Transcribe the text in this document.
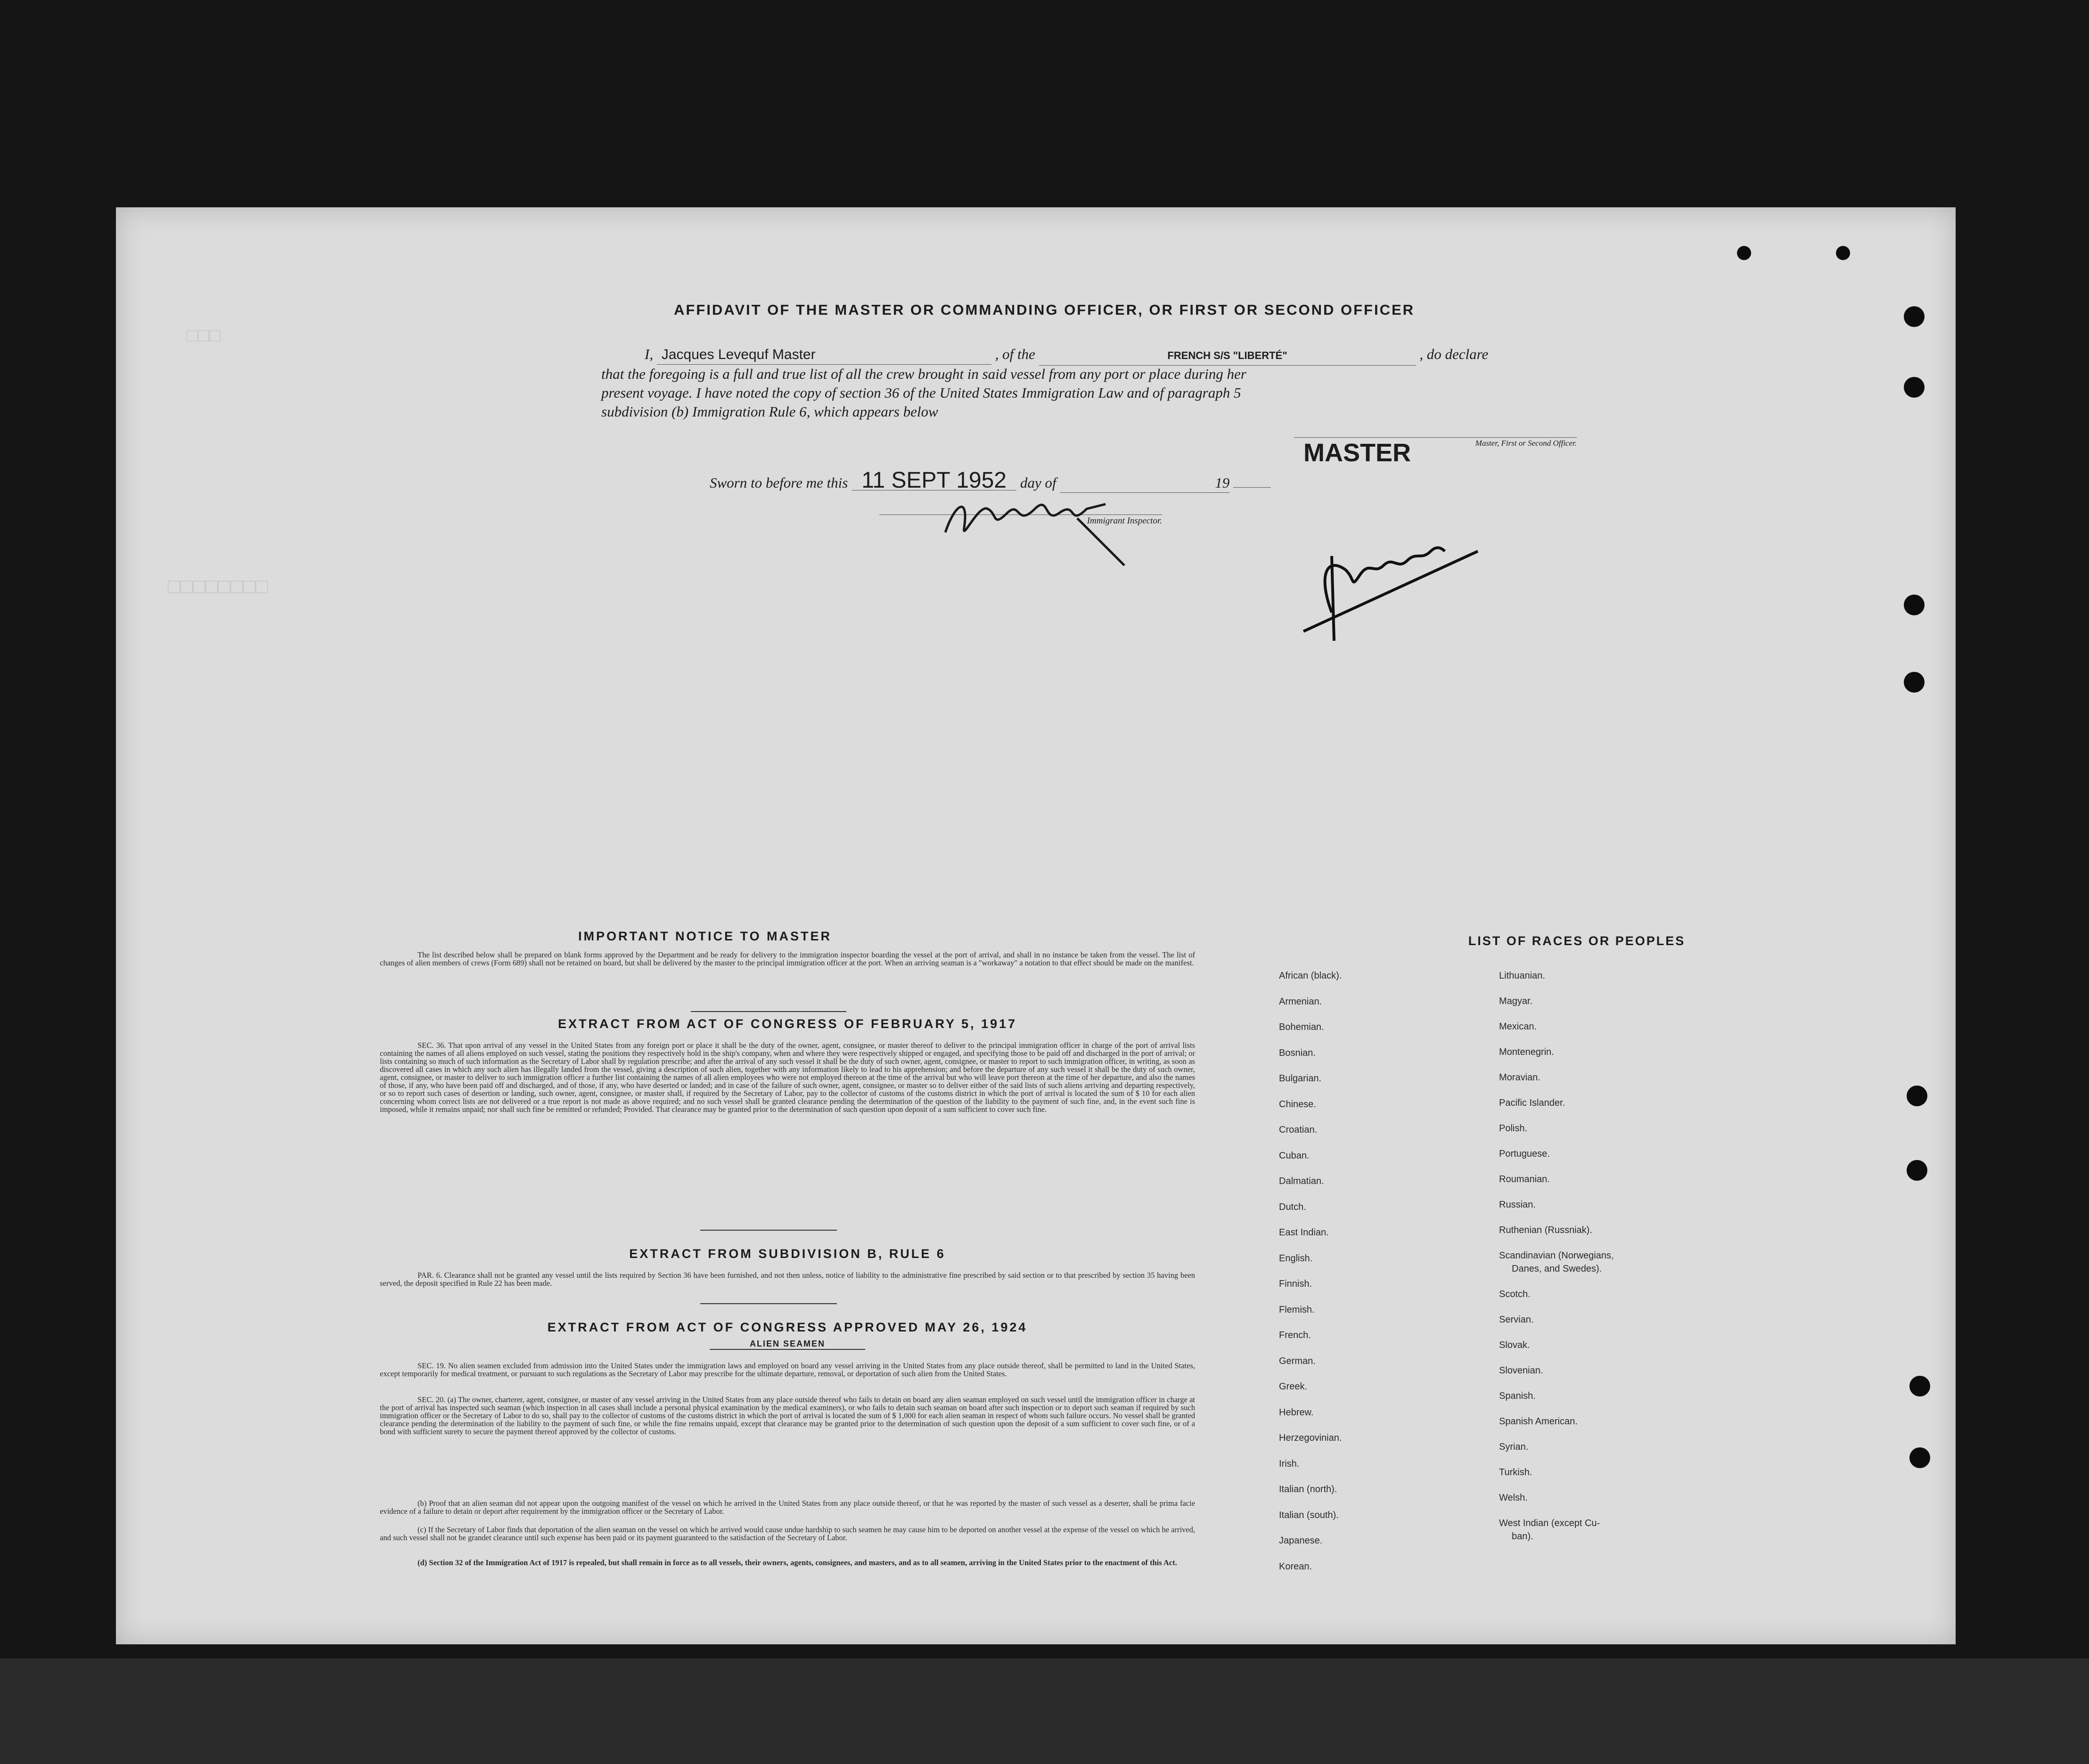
□□□
□□□□□□□□
AFFIDAVIT OF THE MASTER OR COMMANDING OFFICER, OR FIRST OR SECOND OFFICER
I, Jacques Levequf Master	, of the	FRENCH S/S "LIBERTÉ"	, do declare
that the foregoing is a full and true list of all the crew brought in said vessel from any port or place during her
present voyage. I have noted the copy of section 36 of the United States Immigration Law and of paragraph 5
subdivision (b) Immigration Rule 6, which appears below
Master, First or Second Officer.
MASTER
Sworn to before me this 11 SEPT 1952 day of	19
Immigrant Inspector.
IMPORTANT NOTICE TO MASTER
The list described below shall be prepared on blank forms approved by the Department and be ready for delivery to the immigration inspector boarding the vessel at the port of arrival, and shall in no instance be taken from the vessel. The list of changes of alien members of crews (Form 689) shall not be retained on board, but shall be delivered by the master to the principal immigration officer at the port. When an arriving seaman is a "workaway" a notation to that effect should be made on the manifest.
EXTRACT FROM ACT OF CONGRESS OF FEBRUARY 5, 1917
SEC. 36. That upon arrival of any vessel in the United States from any foreign port or place it shall be the duty of the owner, agent, consignee, or master thereof to deliver to the principal immigration officer in charge of the port of arrival lists containing the names of all aliens employed on such vessel, stating the positions they respectively hold in the ship's company, when and where they were respectively shipped or engaged, and specifying those to be paid off and discharged in the port of arrival; or lists containing so much of such information as the Secretary of Labor shall by regulation prescribe; and after the arrival of any such vessel it shall be the duty of such owner, agent, consignee, or master to report to such immigration officer, in writing, as soon as discovered all cases in which any such alien has illegally landed from the vessel, giving a description of such alien, together with any information likely to lead to his apprehension; and before the departure of any such vessel it shall be the duty of such owner, agent, consignee, or master to deliver to such immigration officer a further list containing the names of all alien employees who were not employed thereon at the time of the arrival but who will leave port thereon at the time of her departure, and also the names of those, if any, who have been paid off and discharged, and of those, if any, who have deserted or landed; and in case of the failure of such owner, agent, consignee, or master so to deliver either of the said lists of such aliens arriving and departing respectively, or so to report such cases of desertion or landing, such owner, agent, consignee, or master shall, if required by the Secretary of Labor, pay to the collector of customs of the customs district in which the port of arrival is located the sum of $ 10 for each alien concerning whom correct lists are not delivered or a true report is not made as above required; and no such vessel shall be granted clearance pending the determination of the question of the liability to the payment of such fine, and, in the event such fine is imposed, while it remains unpaid; nor shall such fine be remitted or refunded; Provided. That clearance may be granted prior to the determination of such question upon deposit of a sum sufficient to cover such fine.
EXTRACT FROM SUBDIVISION B, RULE 6
PAR. 6. Clearance shall not be granted any vessel until the lists required by Section 36 have been furnished, and not then unless, notice of liability to the administrative fine prescribed by said section or to that prescribed by section 35 having been served, the deposit specified in Rule 22 has been made.
EXTRACT FROM ACT OF CONGRESS APPROVED MAY 26, 1924
ALIEN SEAMEN
SEC. 19. No alien seamen excluded from admission into the United States under the immigration laws and employed on board any vessel arriving in the United States from any place outside thereof, shall be permitted to land in the United States, except temporarily for medical treatment, or pursuant to such regulations as the Secretary of Labor may prescribe for the ultimate departure, removal, or deportation of such alien from the United States.
SEC. 20. (a) The owner, charterer, agent, consignee, or master of any vessel arriving in the United States from any place outside thereof who fails to detain on board any alien seaman employed on such vessel until the immigration officer in charge at the port of arrival has inspected such seaman (which inspection in all cases shall include a personal physical examination by the medical examiners), or who fails to detain such seaman on board after such inspection or to deport such seaman if required by such immigration officer or the Secretary of Labor to do so, shall pay to the collector of customs of the customs district in which the port of arrival is located the sum of $ 1,000 for each alien seaman in respect of whom such failure occurs. No vessel shall be granted clearance pending the determination of the liability to the payment of such fine, or while the fine remains unpaid, except that clearance may be granted prior to the determination of such question upon the deposit of a sum sufficient to cover such fine, or of a bond with sufficient surety to secure the payment thereof approved by the collector of customs.
(b) Proof that an alien seaman did not appear upon the outgoing manifest of the vessel on which he arrived in the United States from any place outside thereof, or that he was reported by the master of such vessel as a deserter, shall be prima facie evidence of a failure to detain or deport after requirement by the immigration officer or the Secretary of Labor.
(c) If the Secretary of Labor finds that deportation of the alien seaman on the vessel on which he arrived would cause undue hardship to such seamen he may cause him to be deported on another vessel at the expense of the vessel on which he arrived, and such vessel shall not be grandet clearance until such expense has been paid or its payment guaranteed to the satisfaction of the Secretary of Labor.
(d) Section 32 of the Immigration Act of 1917 is repealed, but shall remain in force as to all vessels, their owners, agents, consignees, and masters, and as to all seamen, arriving in the United States prior to the enactment of this Act.
LIST OF RACES OR PEOPLES
African (black).
Armenian.
Bohemian.
Bosnian.
Bulgarian.
Chinese.
Croatian.
Cuban.
Dalmatian.
Dutch.
East Indian.
English.
Finnish.
Flemish.
French.
German.
Greek.
Hebrew.
Herzegovinian.
Irish.
Italian (north).
Italian (south).
Japanese.
Korean.
Lithuanian.
Magyar.
Mexican.
Montenegrin.
Moravian.
Pacific Islander.
Polish.
Portuguese.
Roumanian.
Russian.
Ruthenian (Russniak).
Scandinavian (Norwegians,
Danes, and Swedes).
Scotch.
Servian.
Slovak.
Slovenian.
Spanish.
Spanish American.
Syrian.
Turkish.
Welsh.
West Indian (except Cu-
ban).
